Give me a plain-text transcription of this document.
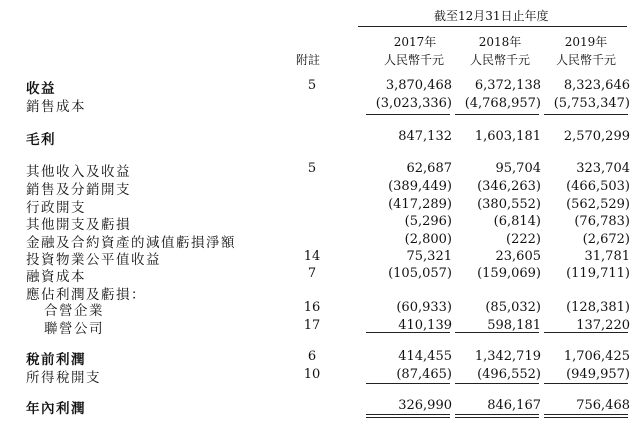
截至12月31日止年度
2017年	2018年	2019年
附註	人民幣千元	人民幣千元	人民幣千元
收益	5	3,870,468	6,372,138	8,323,646
銷售成本	(3,023,336) (4,768,957) (5,753,347)
毛利	847,132	1,603,181	2,570,299
其他收入及收益	5	62,687	95,704	323,704
銷售及分銷開支	(389,449)	(346,263)	(466,503)
行政開支	(417,289)	(380,552)	(562,529)
其他開支及虧損	(5,296)	(6,814)	(76,783)
金融及合約資產的減值虧損淨額	(2,800)	(222)	(2,672)
投資物業公平值收益	14	75,321	23,605	31,781
融資成本	7	(105,057)	(159,069)	(119,711)
應佔利潤及虧損：
合營企業	16	(60,933)	(85,032)	(128,381)
聯營公司	17	410,139	598,181	137,220
稅前利潤	6	414,455	1,342,719	1,706,425
所得稅開支	10	(87,465)	(496,552)	(949,957)
年內利潤	326,990	846,167	756,468
